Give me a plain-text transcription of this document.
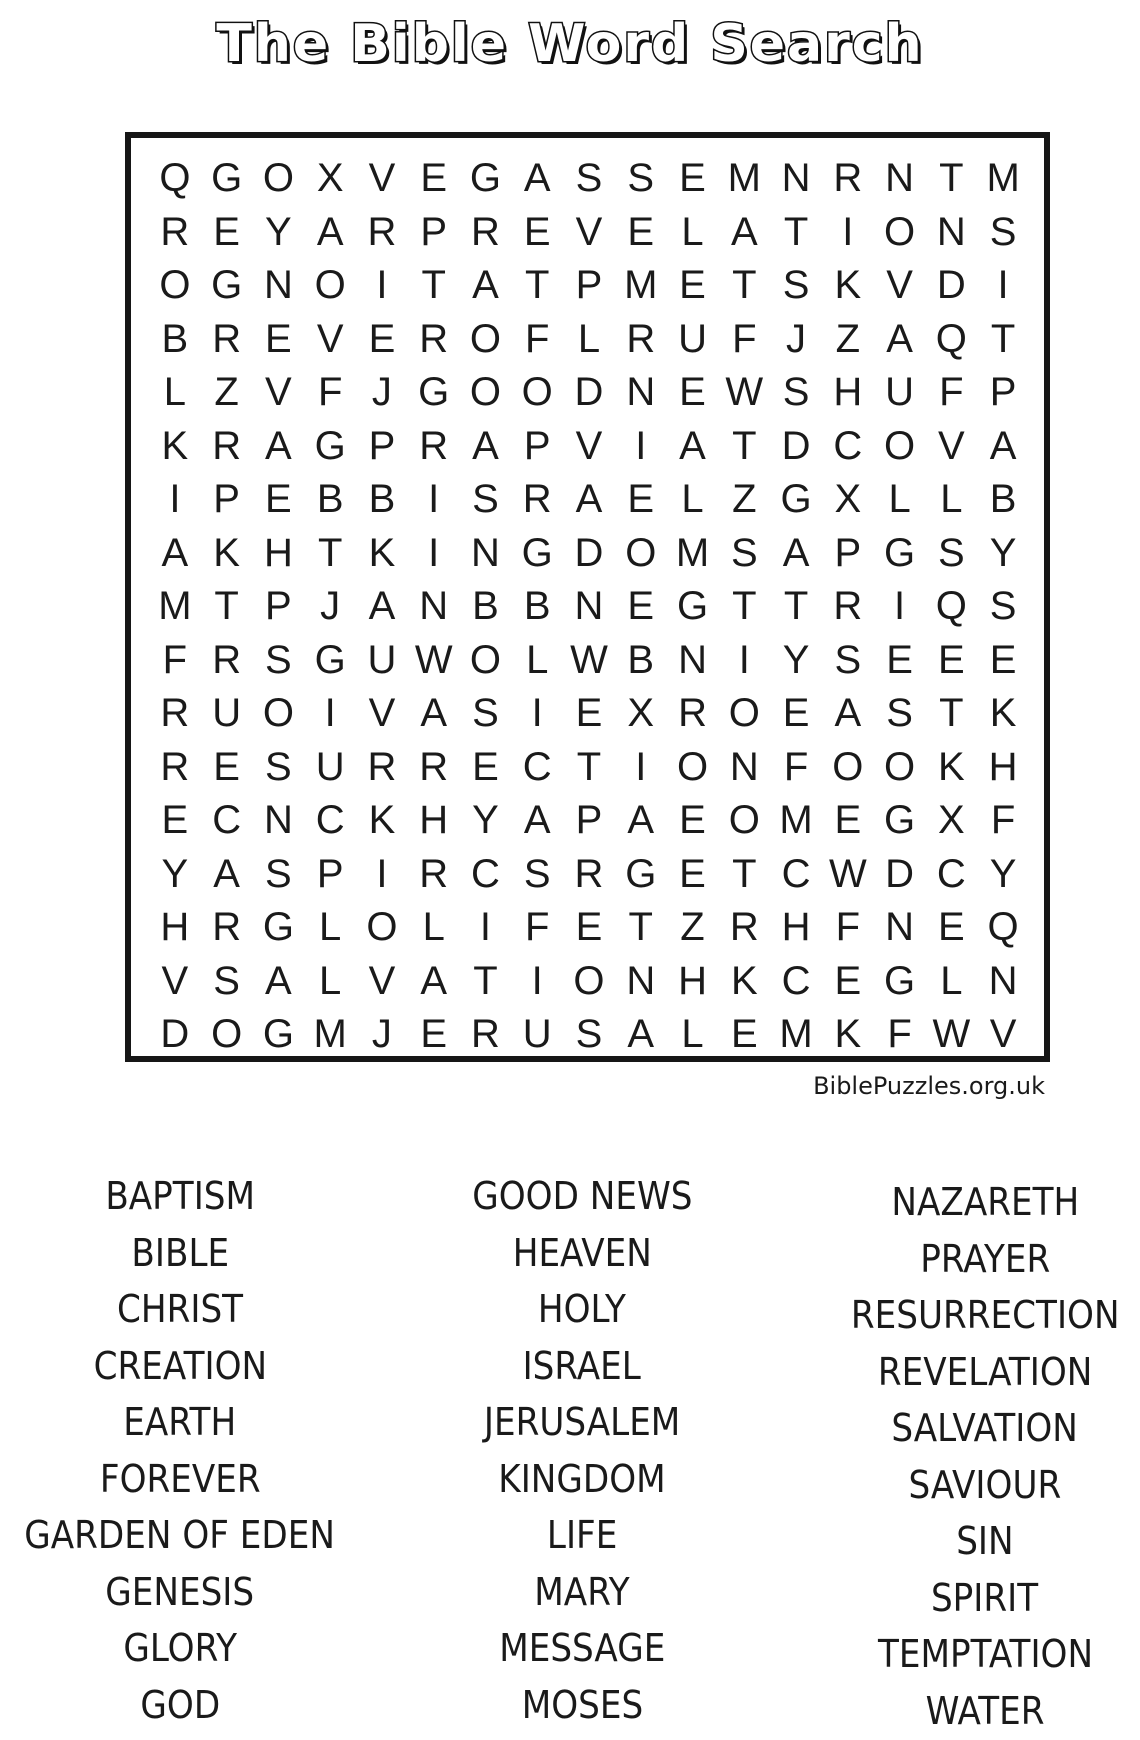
The Bible Word Search
Q G O X V E G A S S E M N R N T M
R E Y A R P R E V E L A T I O N S
O G N O I T A T P M E T S K V D I
B R E V E R O F L R U F J Z A Q T
L Z V F J G O O D N E W S H U F P
K R A G P R A P V I A T D C O V A
I P E B B I S R A E L Z G X L L B
A K H T K I N G D O M S A P G S Y
M T P J A N B B N E G T T R I Q S
F R S G U W O L W B N I Y S E E E
R U O I V A S I E X R O E A S T K
R E S U R R E C T I O N F O O K H
E C N C K H Y A P A E O M E G X F
Y A S P I R C S R G E T C W D C Y
H R G L O L I F E T Z R H F N E Q
V S A L V A T I O N H K C E G L N
D O G M J E R U S A L E M K F W V
BiblePuzzles.org.uk
BAPTISM
BIBLE
CHRIST
CREATION
EARTH
FOREVER
GARDEN OF EDEN
GENESIS
GLORY
GOD
GOOD NEWS
HEAVEN
HOLY
ISRAEL
JERUSALEM
KINGDOM
LIFE
MARY
MESSAGE
MOSES
NAZARETH
PRAYER
RESURRECTION
REVELATION
SALVATION
SAVIOUR
SIN
SPIRIT
TEMPTATION
WATER
